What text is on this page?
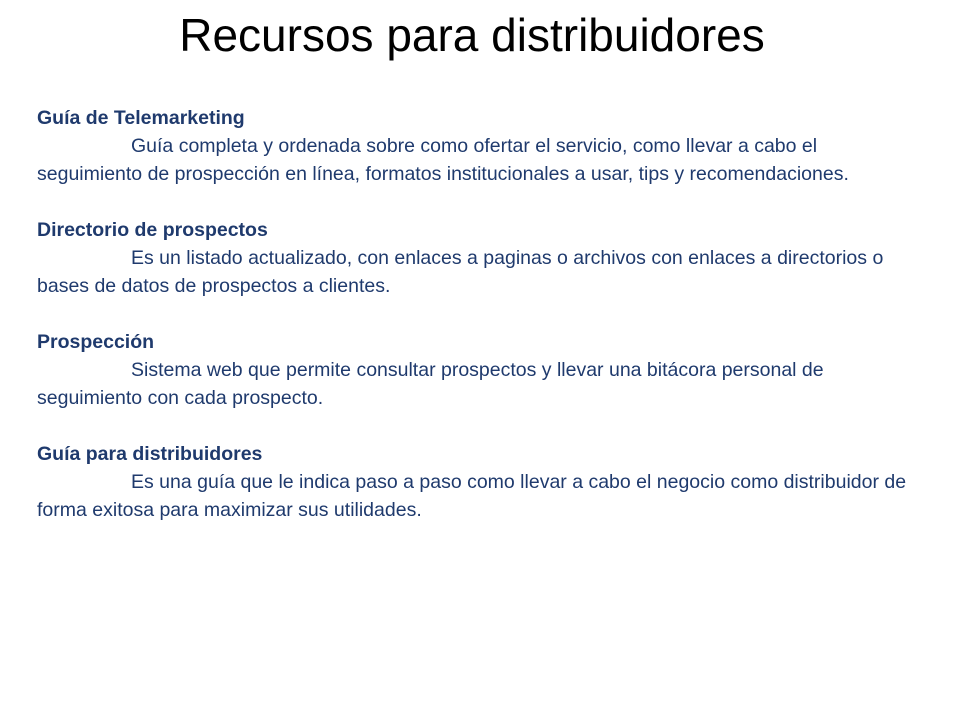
Recursos para distribuidores

Guía de Telemarketing

Guía completa y ordenada sobre como ofertar el servicio, como llevar a cabo el seguimiento de prospección en línea, formatos institucionales a usar, tips y recomendaciones.

Directorio de prospectos

Es un listado actualizado, con enlaces a paginas o archivos con enlaces a directorios o bases de datos de prospectos a clientes.

Prospección

Sistema web que permite consultar prospectos y llevar una bitácora personal de seguimiento con cada prospecto.

Guía para distribuidores

Es una guía que le indica paso a paso como llevar a cabo el negocio como distribuidor de forma exitosa para maximizar sus utilidades.
